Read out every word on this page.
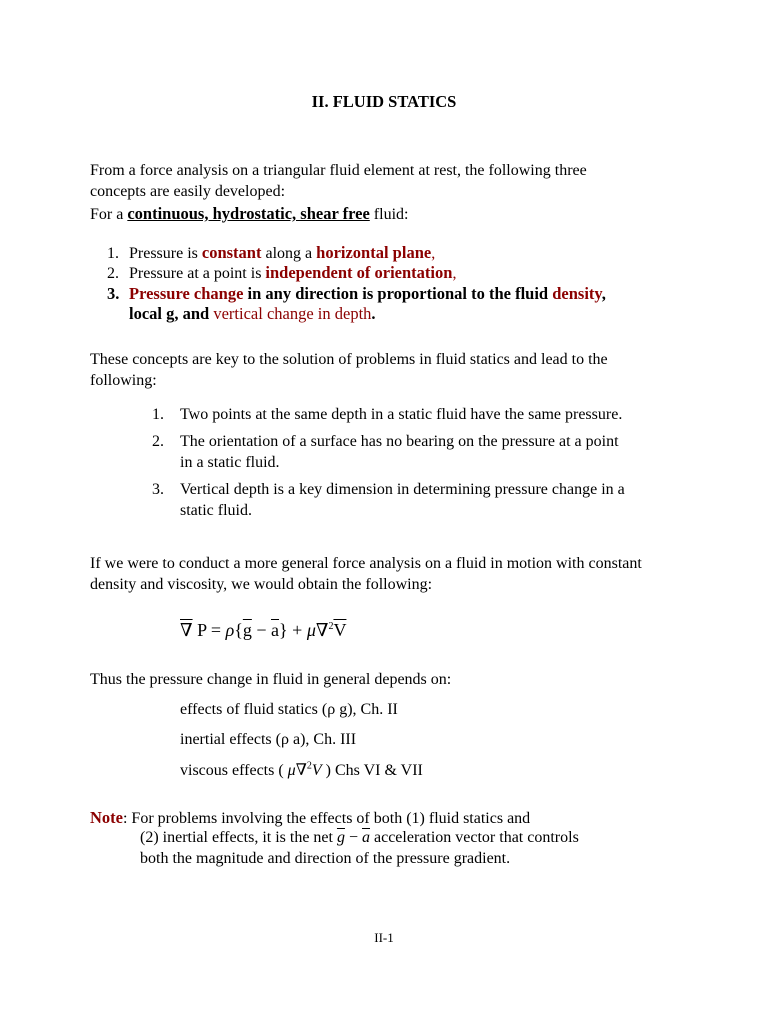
II. FLUID STATICS
From a force analysis on a triangular fluid element at rest, the following three
concepts are easily developed:
For a continuous, hydrostatic, shear free fluid:
1. Pressure is constant along a horizontal plane,
2. Pressure at a point is independent of orientation,
3. Pressure change in any direction is proportional to the fluid density,
local g, and vertical change in depth.
These concepts are key to the solution of problems in fluid statics and lead to the
following:
1. Two points at the same depth in a static fluid have the same pressure.
2. The orientation of a surface has no bearing on the pressure at a point
in a static fluid.
3. Vertical depth is a key dimension in determining pressure change in a
static fluid.
If we were to conduct a more general force analysis on a fluid in motion with constant
density and viscosity, we would obtain the following:
∇ $P = \rho\{\overline{g} - \overline{a}\} + \mu\nabla^2\overline{V}$
Thus the pressure change in fluid in general depends on:
effects of fluid statics (ρ g), Ch. II
inertial effects (ρ a), Ch. III
viscous effects ( μ∇$^2$V ) Chs VI & VII
Note: For problems involving the effects of both (1) fluid statics and
(2) inertial effects, it is the net $\overline{g} - \overline{a}$ acceleration vector that controls
both the magnitude and direction of the pressure gradient.
II-1
